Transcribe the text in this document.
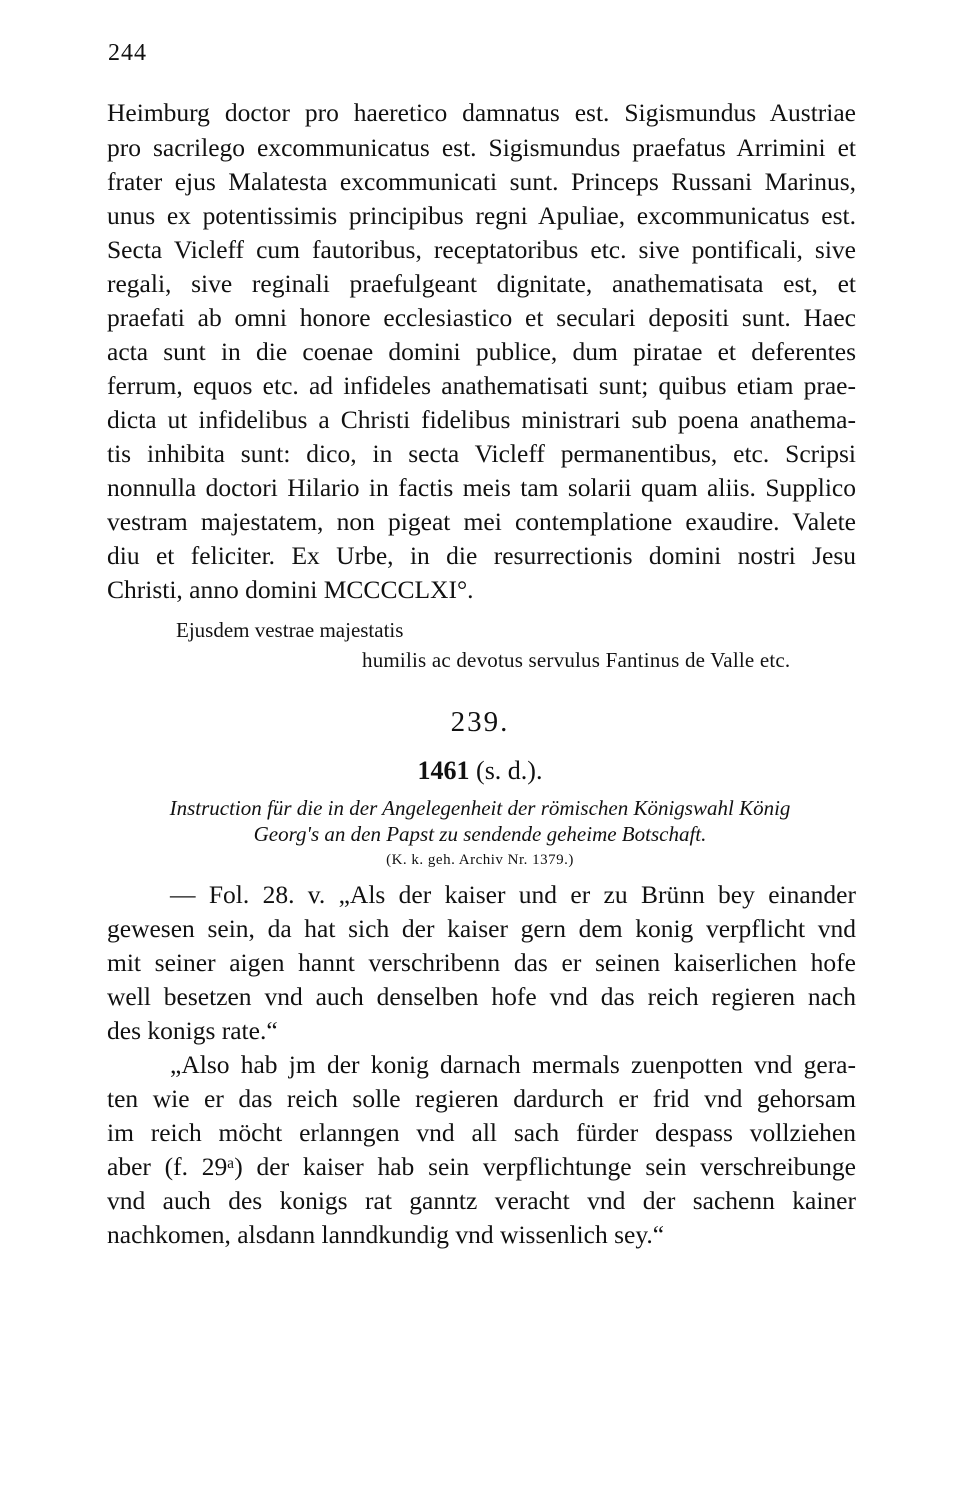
244
Heimburg doctor pro haeretico damnatus est. Sigismundus Austriae
pro sacrilego excommunicatus est. Sigismundus praefatus Arrimini et
frater ejus Malatesta excommunicati sunt. Princeps Russani Marinus,
unus ex potentissimis principibus regni Apuliae, excommunicatus est.
Secta Vicleff cum fautoribus, receptatoribus etc. sive pontificali, sive
regali, sive reginali praefulgeant dignitate, anathematisata est, et
praefati ab omni honore ecclesiastico et seculari depositi sunt. Haec
acta sunt in die coenae domini publice, dum piratae et deferentes
ferrum, equos etc. ad infideles anathematisati sunt; quibus etiam prae-
dicta ut infidelibus a Christi fidelibus ministrari sub poena anathema-
tis inhibita sunt: dico, in secta Vicleff permanentibus, etc. Scripsi
nonnulla doctori Hilario in factis meis tam solarii quam aliis. Supplico
vestram majestatem, non pigeat mei contemplatione exaudire. Valete
diu et feliciter. Ex Urbe, in die resurrectionis domini nostri Jesu
Christi, anno domini MCCCCLXI°.
Ejusdem vestrae majestatis
humilis ac devotus servulus Fantinus de Valle etc.
239.
1461 (s. d.).
Instruction für die in der Angelegenheit der römischen Königswahl König
Georg's an den Papst zu sendende geheime Botschaft.
(K. k. geh. Archiv Nr. 1379.)
— Fol. 28. v. „Als der kaiser und er zu Brünn bey einander
gewesen sein, da hat sich der kaiser gern dem konig verpflicht vnd
mit seiner aigen hannt verschribenn das er seinen kaiserlichen hofe
well besetzen vnd auch denselben hofe vnd das reich regieren nach
des konigs rate.“
„Also hab jm der konig darnach mermals zuenpotten vnd gera-
ten wie er das reich solle regieren dardurch er frid vnd gehorsam
im reich möcht erlanngen vnd all sach fürder despass vollziehen
aber (f. 29ᵃ) der kaiser hab sein verpflichtunge sein verschreibunge
vnd auch des konigs rat ganntz veracht vnd der sachenn kainer
nachkomen, alsdann lanndkundig vnd wissenlich sey.“
